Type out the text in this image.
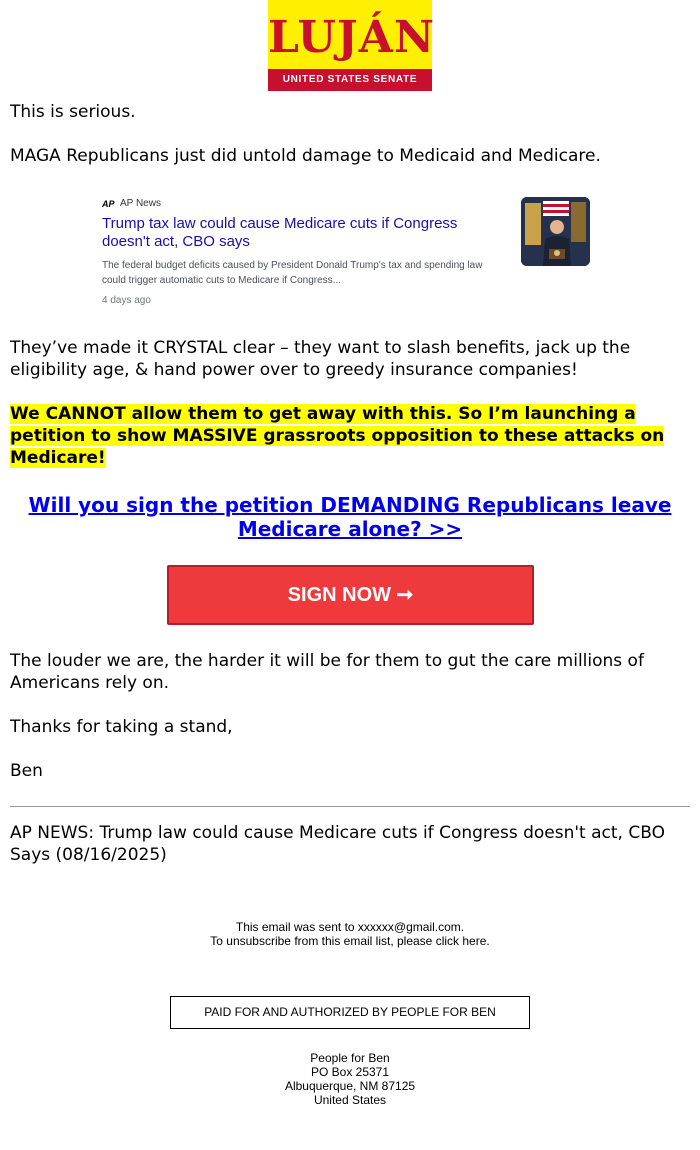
LUJÁN
UNITED STATES SENATE

This is serious.

MAGA Republicans just did untold damage to Medicaid and Medicare.

AP AP News
Trump tax law could cause Medicare cuts if Congress doesn't act, CBO says
The federal budget deficits caused by President Donald Trump's tax and spending law could trigger automatic cuts to Medicare if Congress...
4 days ago

They’ve made it CRYSTAL clear – they want to slash benefits, jack up the eligibility age, & hand power over to greedy insurance companies!

We CANNOT allow them to get away with this. So I’m launching a petition to show MASSIVE grassroots opposition to these attacks on Medicare!

Will you sign the petition DEMANDING Republicans leave Medicare alone? >>
SIGN NOW ➞

The louder we are, the harder it will be for them to gut the care millions of Americans rely on.

Thanks for taking a stand,

Ben

AP NEWS: Trump law could cause Medicare cuts if Congress doesn't act, CBO Says (08/16/2025)

This email was sent to xxxxxx@gmail.com.
To unsubscribe from this email list, please click here.
PAID FOR AND AUTHORIZED BY PEOPLE FOR BEN
People for Ben
PO Box 25371
Albuquerque, NM 87125
United States
